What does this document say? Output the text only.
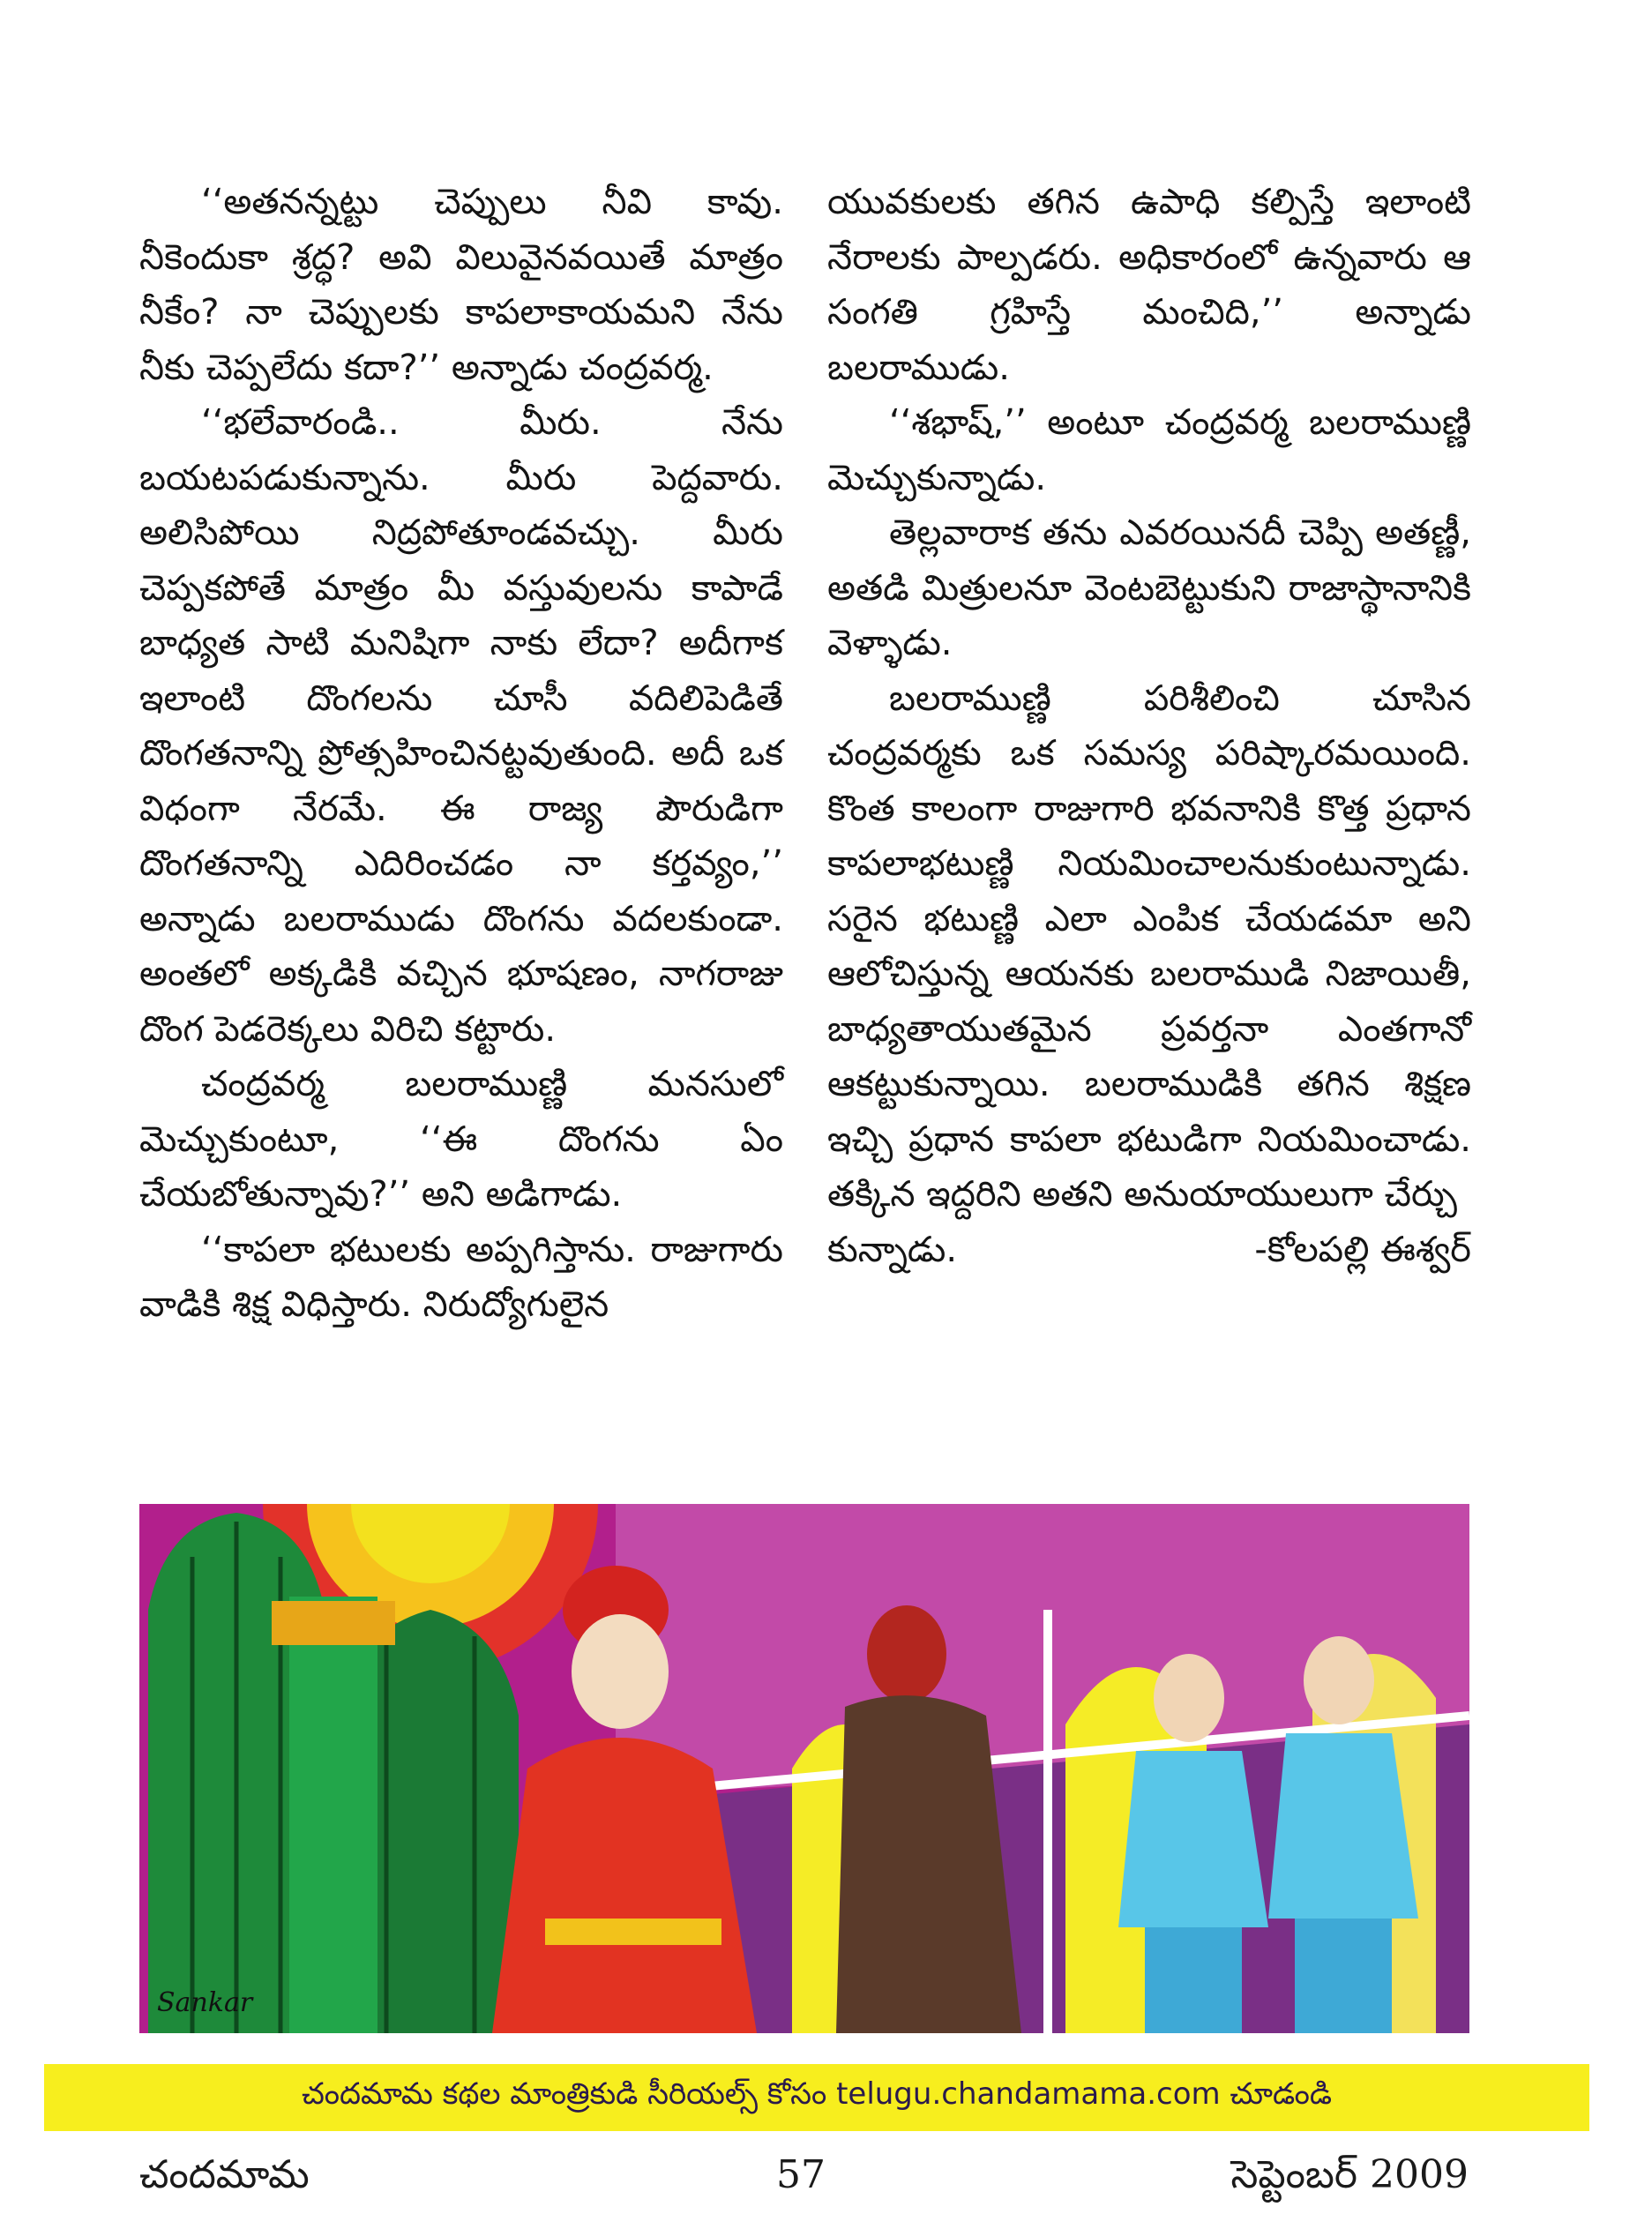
‘‘అతనన్నట్టు చెప్పులు నీవి కావు. నీకెందుకా శ్రద్ధ? అవి విలువైనవయితే మాత్రం నీకేం? నా చెప్పులకు కాపలాకాయమని నేను నీకు చెప్పలేదు కదా?’’ అన్నాడు చంద్రవర్మ.

‘‘భలేవారండి.. మీరు. నేను బయటపడుకున్నాను. మీరు పెద్దవారు. అలిసిపోయి నిద్రపోతూండవచ్చు. మీరు చెప్పకపోతే మాత్రం మీ వస్తువులను కాపాడే బాధ్యత సాటి మనిషిగా నాకు లేదా? అదీగాక ఇలాంటి దొంగలను చూసీ వదిలిపెడితే దొంగతనాన్ని ప్రోత్సహించినట్టవుతుంది. అదీ ఒక విధంగా నేరమే. ఈ రాజ్య పౌరుడిగా దొంగతనాన్ని ఎదిరించడం నా కర్తవ్యం,’’ అన్నాడు బలరాముడు దొంగను వదలకుండా. అంతలో అక్కడికి వచ్చిన భూషణం, నాగరాజు దొంగ పెడరెక్కలు విరిచి కట్టారు.

చంద్రవర్మ బలరాముణ్ణి మనసులో మెచ్చుకుంటూ, ‘‘ఈ దొంగను ఏం చేయబోతున్నావు?’’ అని అడిగాడు.

‘‘కాపలా భటులకు అప్పగిస్తాను. రాజుగారు వాడికి శిక్ష విధిస్తారు. నిరుద్యోగులైన

యువకులకు తగిన ఉపాధి కల్పిస్తే ఇలాంటి నేరాలకు పాల్పడరు. అధికారంలో ఉన్నవారు ఆ సంగతి గ్రహిస్తే మంచిది,’’ అన్నాడు బలరాముడు.

‘‘శభాష్,’’ అంటూ చంద్రవర్మ బలరాముణ్ణి మెచ్చుకున్నాడు.

తెల్లవారాక తను ఎవరయినదీ చెప్పి అతణ్ణీ, అతడి మిత్రులనూ వెంటబెట్టుకుని రాజాస్థానానికి వెళ్ళాడు.

బలరాముణ్ణి పరిశీలించి చూసిన చంద్రవర్మకు ఒక సమస్య పరిష్కారమయింది. కొంత కాలంగా రాజుగారి భవనానికి కొత్త ప్రధాన కాపలాభటుణ్ణి నియమించాలనుకుంటున్నాడు. సరైన భటుణ్ణి ఎలా ఎంపిక చేయడమా అని ఆలోచిస్తున్న ఆయనకు బలరాముడి నిజాయితీ, బాధ్యతాయుతమైన ప్రవర్తనా ఎంతగానో ఆకట్టుకున్నాయి. బలరాముడికి తగిన శిక్షణ ఇచ్చి ప్రధాన కాపలా భటుడిగా నియమించాడు. తక్కిన ఇద్దరిని అతని అనుయాయులుగా చేర్చు

కున్నాడు.	-కోలపల్లి ఈశ్వర్
Sankar
చందమామ కథల మాంత్రికుడి సీరియల్స్ కోసం telugu.chandamama.com చూడండి
చందమామ	57	సెప్టెంబర్ 2009
